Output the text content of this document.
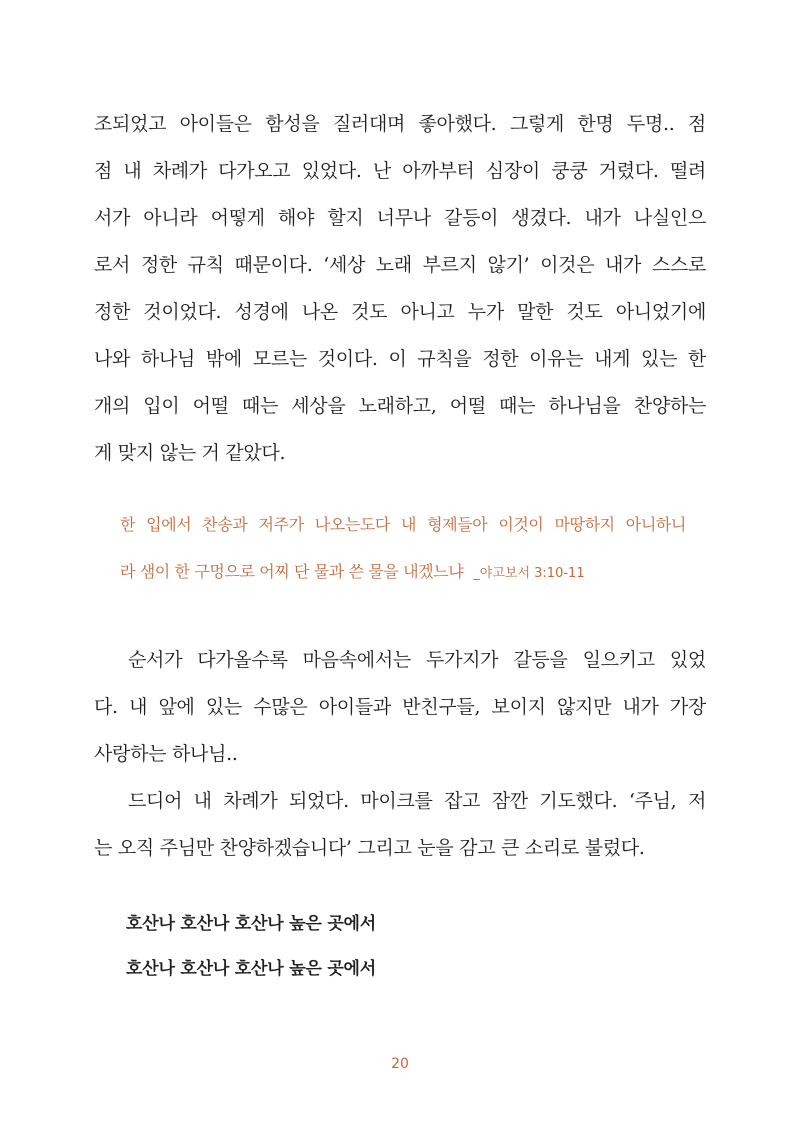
조되었고 아이들은 함성을 질러대며 좋아했다. 그렇게 한명 두명.. 점
점 내 차례가 다가오고 있었다. 난 아까부터 심장이 쿵쿵 거렸다. 떨려
서가 아니라 어떻게 해야 할지 너무나 갈등이 생겼다. 내가 나실인으
로서 정한 규칙 때문이다. ‘세상 노래 부르지 않기’ 이것은 내가 스스로
정한 것이었다. 성경에 나온 것도 아니고 누가 말한 것도 아니었기에
나와 하나님 밖에 모르는 것이다. 이 규칙을 정한 이유는 내게 있는 한
개의 입이 어떨 때는 세상을 노래하고, 어떨 때는 하나님을 찬양하는
게 맞지 않는 거 같았다.
한 입에서 찬송과 저주가 나오는도다 내 형제들아 이것이 마땅하지 아니하니
라 샘이 한 구멍으로 어찌 단 물과 쓴 물을 내겠느냐 _야고보서 3:10-11
순서가 다가올수록 마음속에서는 두가지가 갈등을 일으키고 있었
다. 내 앞에 있는 수많은 아이들과 반친구들, 보이지 않지만 내가 가장
사랑하는 하나님..
드디어 내 차례가 되었다. 마이크를 잡고 잠깐 기도했다. ‘주님, 저
는 오직 주님만 찬양하겠습니다’ 그리고 눈을 감고 큰 소리로 불렀다.
호산나 호산나 호산나 높은 곳에서
호산나 호산나 호산나 높은 곳에서
20
